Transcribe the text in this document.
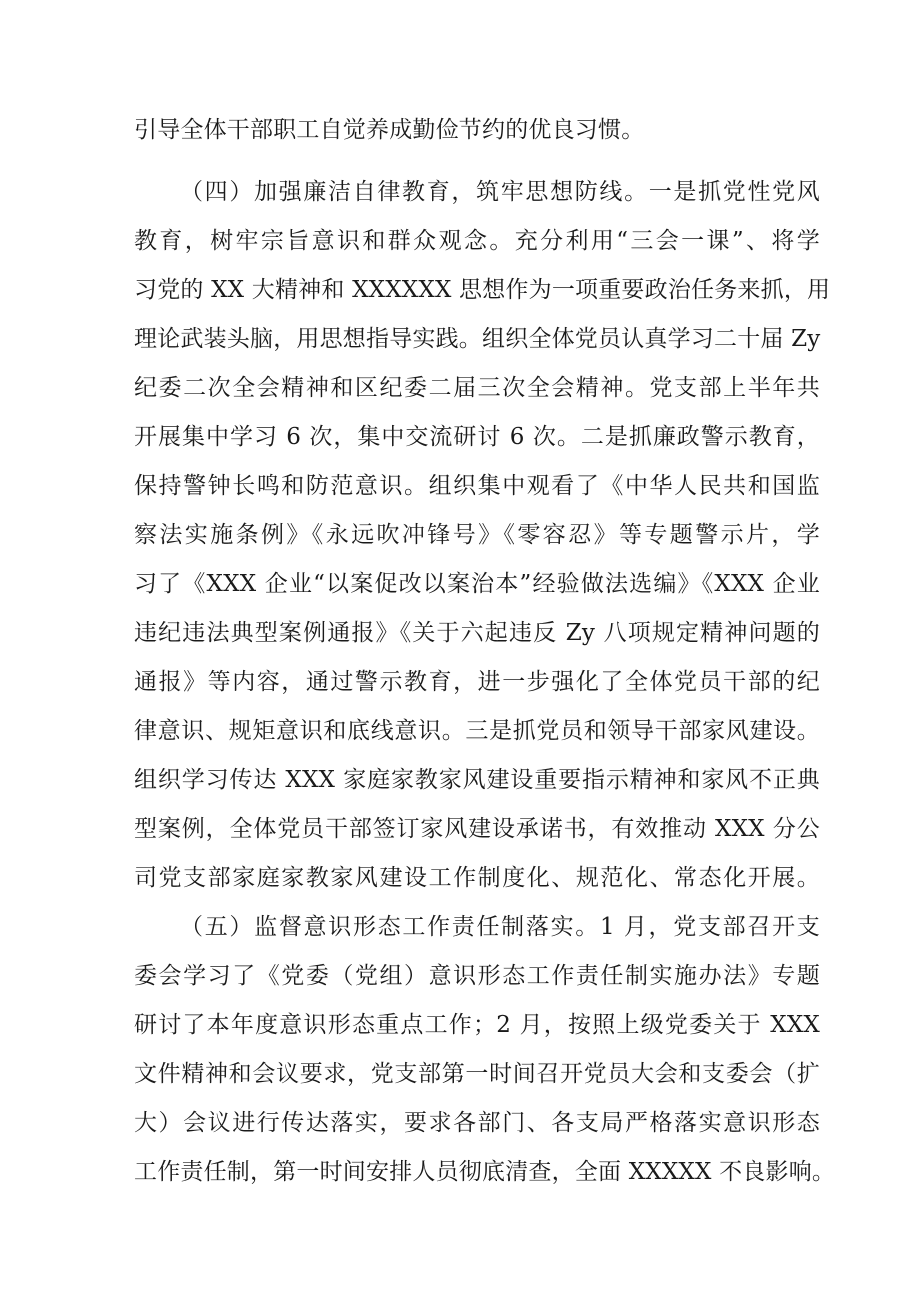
引导全体干部职工自觉养成勤俭节约的优良习惯。
（四）加强廉洁自律教育，筑牢思想防线。一是抓党性党风
教育，树牢宗旨意识和群众观念。充分利用“三会一课”、将学
习党的 XX 大精神和 XXXXXX 思想作为一项重要政治任务来抓，用
理论武装头脑，用思想指导实践。组织全体党员认真学习二十届 Zy
纪委二次全会精神和区纪委二届三次全会精神。党支部上半年共
开展集中学习 6 次，集中交流研讨 6 次。二是抓廉政警示教育，
保持警钟长鸣和防范意识。组织集中观看了《中华人民共和国监
察法实施条例》《永远吹冲锋号》《零容忍》等专题警示片，学
习了《XXX 企业“以案促改以案治本”经验做法选编》《XXX 企业
违纪违法典型案例通报》《关于六起违反 Zy 八项规定精神问题的
通报》等内容，通过警示教育，进一步强化了全体党员干部的纪
律意识、规矩意识和底线意识。三是抓党员和领导干部家风建设。
组织学习传达 XXX 家庭家教家风建设重要指示精神和家风不正典
型案例，全体党员干部签订家风建设承诺书，有效推动 XXX 分公
司党支部家庭家教家风建设工作制度化、规范化、常态化开展。
（五）监督意识形态工作责任制落实。1 月，党支部召开支
委会学习了《党委（党组）意识形态工作责任制实施办法》专题
研讨了本年度意识形态重点工作；2 月，按照上级党委关于 XXX
文件精神和会议要求，党支部第一时间召开党员大会和支委会（扩
大）会议进行传达落实，要求各部门、各支局严格落实意识形态
工作责任制，第一时间安排人员彻底清查，全面 XXXXX 不良影响。
